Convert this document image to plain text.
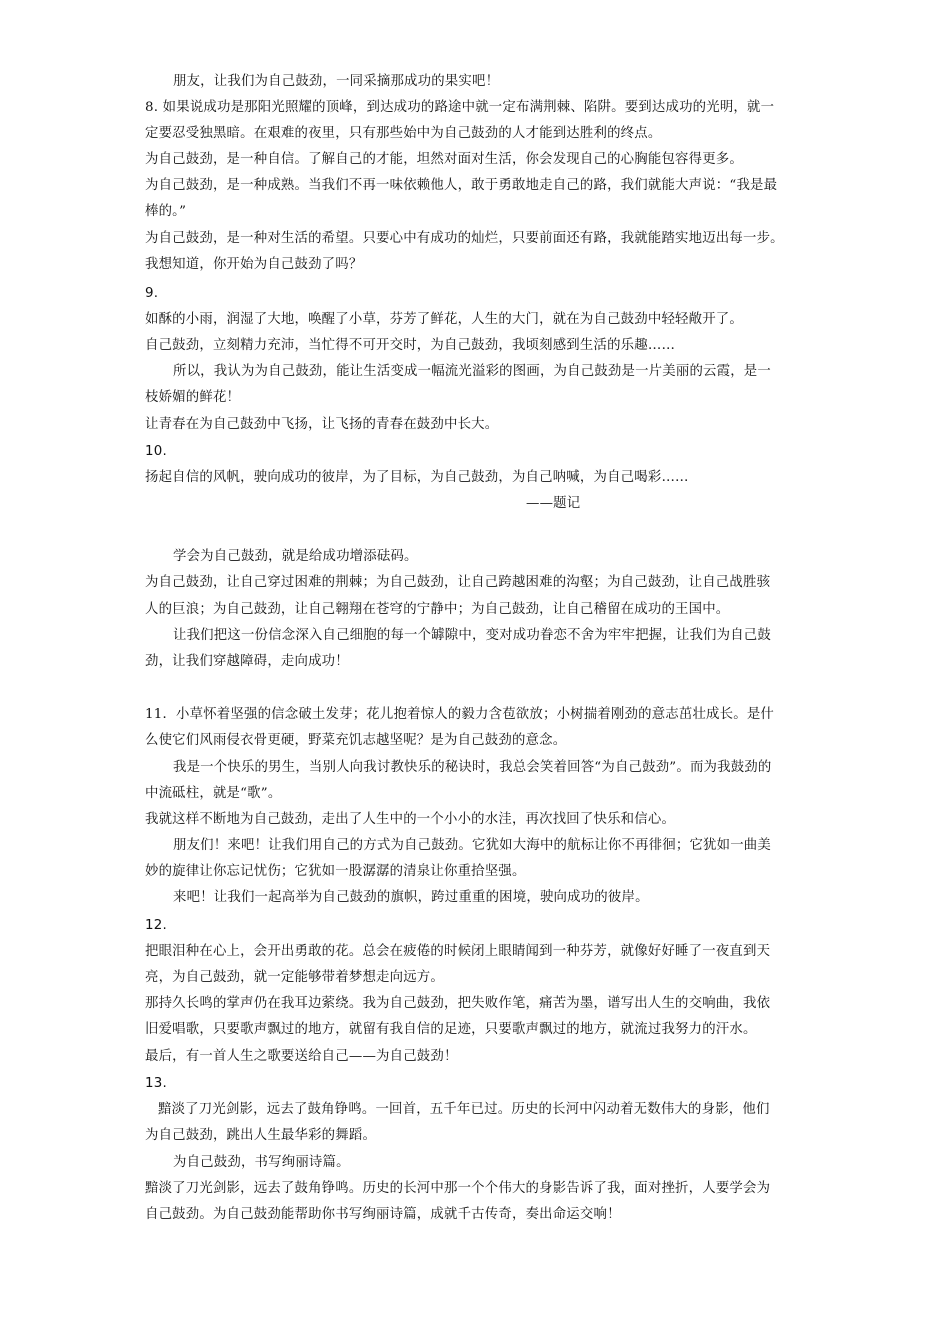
朋友，让我们为自己鼓劲，一同采摘那成功的果实吧！
8. 如果说成功是那阳光照耀的顶峰，到达成功的路途中就一定布满荆棘、陷阱。要到达成功的光明，就一
定要忍受独黑暗。在艰难的夜里，只有那些始中为自己鼓劲的人才能到达胜利的终点。
为自己鼓劲，是一种自信。了解自己的才能，坦然对面对生活，你会发现自己的心胸能包容得更多。
为自己鼓劲，是一种成熟。当我们不再一味依赖他人，敢于勇敢地走自己的路，我们就能大声说：“我是最
棒的。”
为自己鼓劲，是一种对生活的希望。只要心中有成功的灿烂，只要前面还有路，我就能踏实地迈出每一步。
我想知道，你开始为自己鼓劲了吗？
9.
如酥的小雨，润湿了大地，唤醒了小草，芬芳了鲜花，人生的大门，就在为自己鼓劲中轻轻敞开了。
自己鼓劲，立刻精力充沛，当忙得不可开交时，为自己鼓劲，我顷刻感到生活的乐趣……
所以，我认为为自己鼓劲，能让生活变成一幅流光溢彩的图画，为自己鼓劲是一片美丽的云霞，是一
枝娇媚的鲜花！
让青春在为自己鼓劲中飞扬，让飞扬的青春在鼓劲中长大。
10.
扬起自信的风帆，驶向成功的彼岸，为了目标，为自己鼓劲，为自己呐喊，为自己喝彩……
——题记
学会为自己鼓劲，就是给成功增添砝码。
为自己鼓劲，让自己穿过困难的荆棘；为自己鼓劲，让自己跨越困难的沟壑；为自己鼓劲，让自己战胜骇
人的巨浪；为自己鼓劲，让自己翱翔在苍穹的宁静中；为自己鼓劲，让自己稽留在成功的王国中。
让我们把这一份信念深入自己细胞的每一个罅隙中，变对成功眷恋不舍为牢牢把握，让我们为自己鼓
劲，让我们穿越障碍，走向成功！
11．小草怀着坚强的信念破土发芽；花儿抱着惊人的毅力含苞欲放；小树揣着刚劲的意志茁壮成长。是什
么使它们风雨侵衣骨更硬，野菜充饥志越坚呢？是为自己鼓劲的意念。
我是一个快乐的男生，当别人向我讨教快乐的秘诀时，我总会笑着回答“为自己鼓劲”。而为我鼓劲的
中流砥柱，就是“歌”。
我就这样不断地为自己鼓劲，走出了人生中的一个小小的水洼，再次找回了快乐和信心。
朋友们！来吧！让我们用自己的方式为自己鼓劲。它犹如大海中的航标让你不再徘徊；它犹如一曲美
妙的旋律让你忘记忧伤；它犹如一股潺潺的清泉让你重拾坚强。
来吧！让我们一起高举为自己鼓劲的旗帜，跨过重重的困境，驶向成功的彼岸。
12.
把眼泪种在心上，会开出勇敢的花。总会在疲倦的时候闭上眼睛闻到一种芬芳，就像好好睡了一夜直到天
亮，为自己鼓劲，就一定能够带着梦想走向远方。
那持久长鸣的掌声仍在我耳边萦绕。我为自己鼓劲，把失败作笔，痛苦为墨，谱写出人生的交响曲，我依
旧爱唱歌，只要歌声飘过的地方，就留有我自信的足迹，只要歌声飘过的地方，就流过我努力的汗水。
最后，有一首人生之歌要送给自己——为自己鼓劲！
13.
黯淡了刀光剑影，远去了鼓角铮鸣。一回首，五千年已过。历史的长河中闪动着无数伟大的身影，他们
为自己鼓劲，跳出人生最华彩的舞蹈。
为自己鼓劲，书写绚丽诗篇。
黯淡了刀光剑影，远去了鼓角铮鸣。历史的长河中那一个个伟大的身影告诉了我，面对挫折，人要学会为
自己鼓劲。为自己鼓劲能帮助你书写绚丽诗篇，成就千古传奇，奏出命运交响！
